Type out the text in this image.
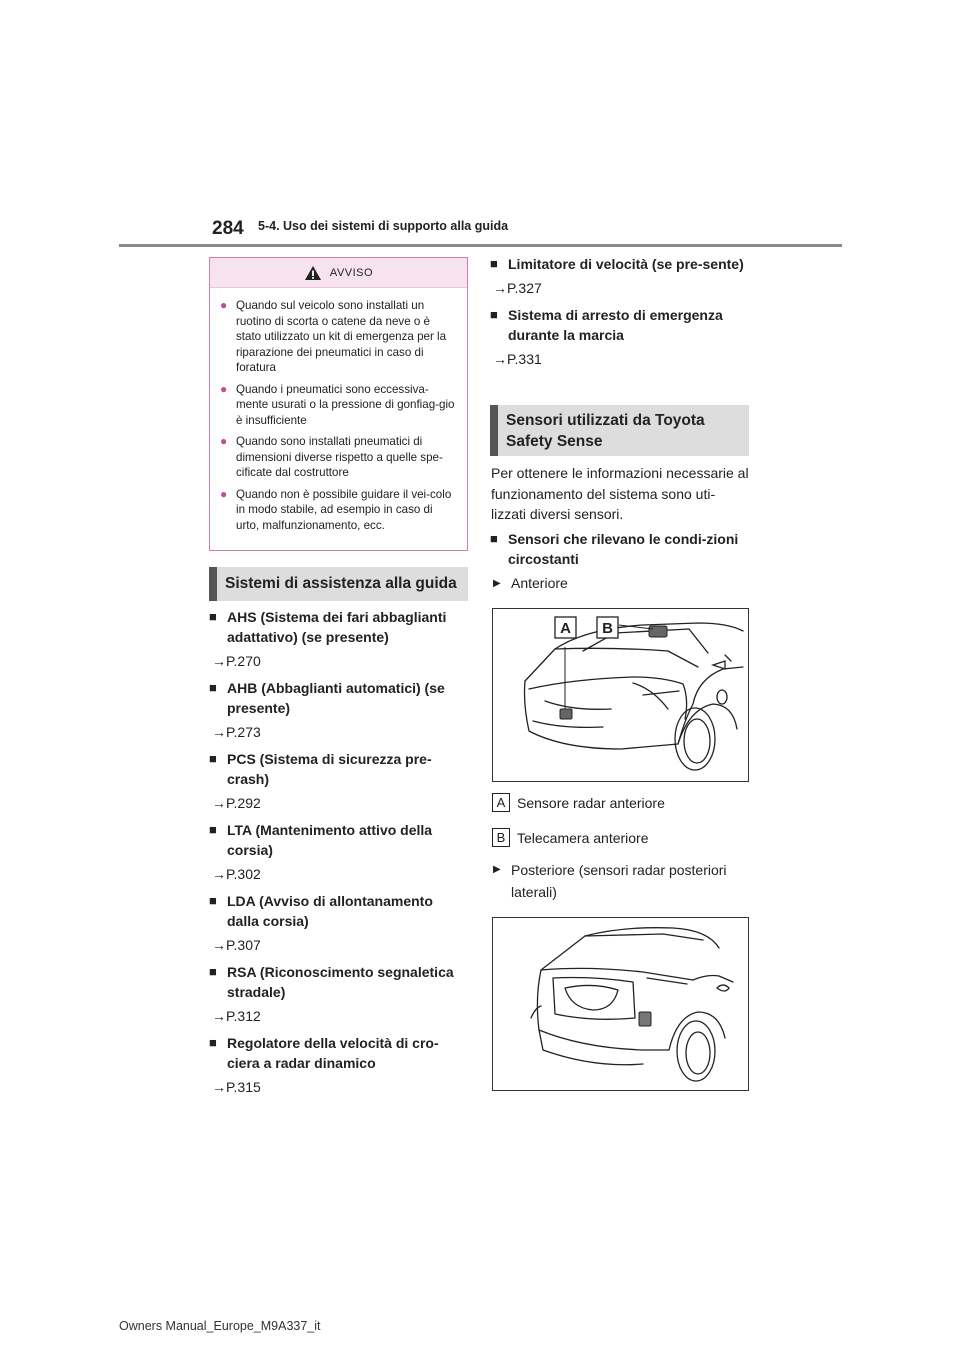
284 5-4. Uso dei sistemi di supporto alla guida
AVVISO
● Quando sul veicolo sono installati un ruotino di scorta o catene da neve o è stato utilizzato un kit di emergenza per la riparazione dei pneumatici in caso di foratura
● Quando i pneumatici sono eccessiva-mente usurati o la pressione di gonfiag-gio è insufficiente
● Quando sono installati pneumatici di dimensioni diverse rispetto a quelle spe-cificate dal costruttore
● Quando non è possibile guidare il vei-colo in modo stabile, ad esempio in caso di urto, malfunzionamento, ecc.
Sistemi di assistenza alla guida
■ AHS (Sistema dei fari abbaglianti adattativo) (se presente)
→P.270
■ AHB (Abbaglianti automatici) (se presente)
→P.273
■ PCS (Sistema di sicurezza pre-crash)
→P.292
■ LTA (Mantenimento attivo della corsia)
→P.302
■ LDA (Avviso di allontanamento dalla corsia)
→P.307
■ RSA (Riconoscimento segnaletica stradale)
→P.312
■ Regolatore della velocità di cro-ciera a radar dinamico
→P.315
■ Limitatore di velocità (se pre-sente)
→P.327
■ Sistema di arresto di emergenza durante la marcia
→P.331
Sensori utilizzati da Toyota Safety Sense
Per ottenere le informazioni necessarie al funzionamento del sistema sono uti-lizzati diversi sensori.
■ Sensori che rilevano le condi-zioni circostanti
▶ Anteriore
A B
A Sensore radar anteriore
B Telecamera anteriore
▶ Posteriore (sensori radar posteriori laterali)
Owners Manual_Europe_M9A337_it
